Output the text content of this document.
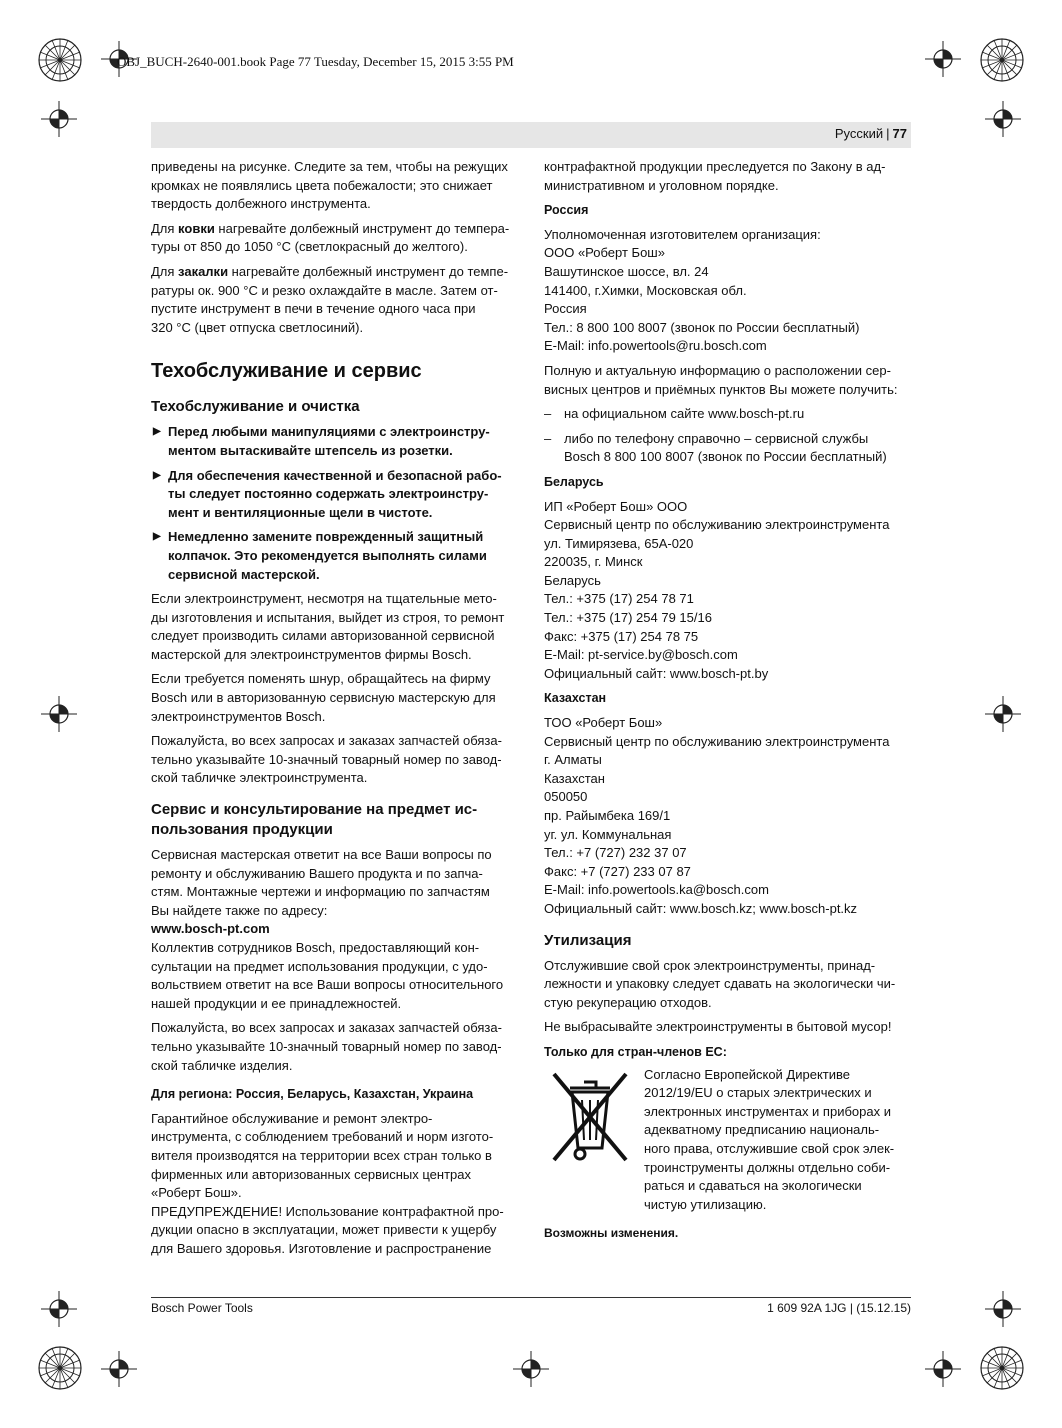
OBJ_BUCH-2640-001.book Page 77 Tuesday, December 15, 2015 3:55 PM
Русский | 77

приведены на рисунке. Следите за тем, чтобы на режущих
кромках не появлялись цвета побежалости; это снижает
твердость долбежного инструмента.

Для ковки нагревайте долбежный инструмент до темпера-
туры от 850 до 1050 °C (светлокрасный до желтого).

Для закалки нагревайте долбежный инструмент до темпе-
ратуры ок. 900 °C и резко охлаждайте в масле. Затем от-
пустите инструмент в печи в течение одного часа при
320 °C (цвет отпуска светлосиний).

Техобслуживание и сервис
Техобслуживание и очистка
▶ Перед любыми манипуляциями с электроинстру-
ментом вытаскивайте штепсель из розетки.
▶ Для обеспечения качественной и безопасной рабо-
ты следует постоянно содержать электроинстру-
мент и вентиляционные щели в чистоте.
▶ Немедленно замените поврежденный защитный
колпачок. Это рекомендуется выполнять силами
сервисной мастерской.

Если электроинструмент, несмотря на тщательные мето-
ды изготовления и испытания, выйдет из строя, то ремонт
следует производить силами авторизованной сервисной
мастерской для электроинструментов фирмы Bosch.

Если требуется поменять шнур, обращайтесь на фирму
Bosch или в авторизованную сервисную мастерскую для
электроинструментов Bosch.

Пожалуйста, во всех запросах и заказах запчастей обяза-
тельно указывайте 10-значный товарный номер по завод-
ской табличке электроинструмента.

Сервис и консультирование на предмет ис-
пользования продукции

Сервисная мастерская ответит на все Ваши вопросы по
ремонту и обслуживанию Вашего продукта и по запча-
стям. Монтажные чертежи и информацию по запчастям
Вы найдете также по адресу:
www.bosch-pt.com

Коллектив сотрудников Bosch, предоставляющий кон-
сультации на предмет использования продукции, с удо-
вольствием ответит на все Ваши вопросы относительного
нашей продукции и ее принадлежностей.

Пожалуйста, во всех запросах и заказах запчастей обяза-
тельно указывайте 10-значный товарный номер по завод-
ской табличке изделия.

Для региона: Россия, Беларусь, Казахстан, Украина

Гарантийное обслуживание и ремонт электро-
инструмента, с соблюдением требований и норм изгото-
вителя производятся на территории всех стран только в
фирменных или авторизованных сервисных центрах
«Роберт Бош».
ПРЕДУПРЕЖДЕНИЕ! Использование контрафактной про-
дукции опасно в эксплуатации, может привести к ущербу
для Вашего здоровья. Изготовление и распространение

контрафактной продукции преследуется по Закону в ад-
министративном и уголовном порядке.

Россия

Уполномоченная изготовителем организация:
ООО «Роберт Бош»
Вашутинское шоссе, вл. 24
141400, г.Химки, Московская обл.
Россия
Тел.: 8 800 100 8007 (звонок по России бесплатный)
E-Mail: info.powertools@ru.bosch.com

Полную и актуальную информацию о расположении сер-
висных центров и приёмных пунктов Вы можете получить:

– на официальном сайте www.bosch-pt.ru
– либо по телефону справочно – сервисной службы
Bosch 8 800 100 8007 (звонок по России бесплатный)
Беларусь

ИП «Роберт Бош» ООО
Сервисный центр по обслуживанию электроинструмента
ул. Тимирязева, 65А-020
220035, г. Минск
Беларусь
Тел.: +375 (17) 254 78 71
Тел.: +375 (17) 254 79 15/16
Факс: +375 (17) 254 78 75
E-Mail: pt-service.by@bosch.com
Официальный сайт: www.bosch-pt.by

Казахстан

ТОО «Роберт Бош»
Сервисный центр по обслуживанию электроинструмента
г. Алматы
Казахстан
050050
пр. Райымбека 169/1
уг. ул. Коммунальная
Тел.: +7 (727) 232 37 07
Факс: +7 (727) 233 07 87
E-Mail: info.powertools.ka@bosch.com
Официальный сайт: www.bosch.kz; www.bosch-pt.kz

Утилизация

Отслужившие свой срок электроинструменты, принад-
лежности и упаковку следует сдавать на экологически чи-
стую рекуперацию отходов.

Не выбрасывайте электроинструменты в бытовой мусор!

Только для стран-членов ЕС:
Согласно Европейской Директиве
2012/19/EU о старых электрических и
электронных инструментах и приборах и
адекватному предписанию националь-
ного права, отслужившие свой срок элек-
троинструменты должны отдельно соби-
раться и сдаваться на экологически
чистую утилизацию.
Возможны изменения.
Bosch Power Tools	1 609 92A 1JG | (15.12.15)
